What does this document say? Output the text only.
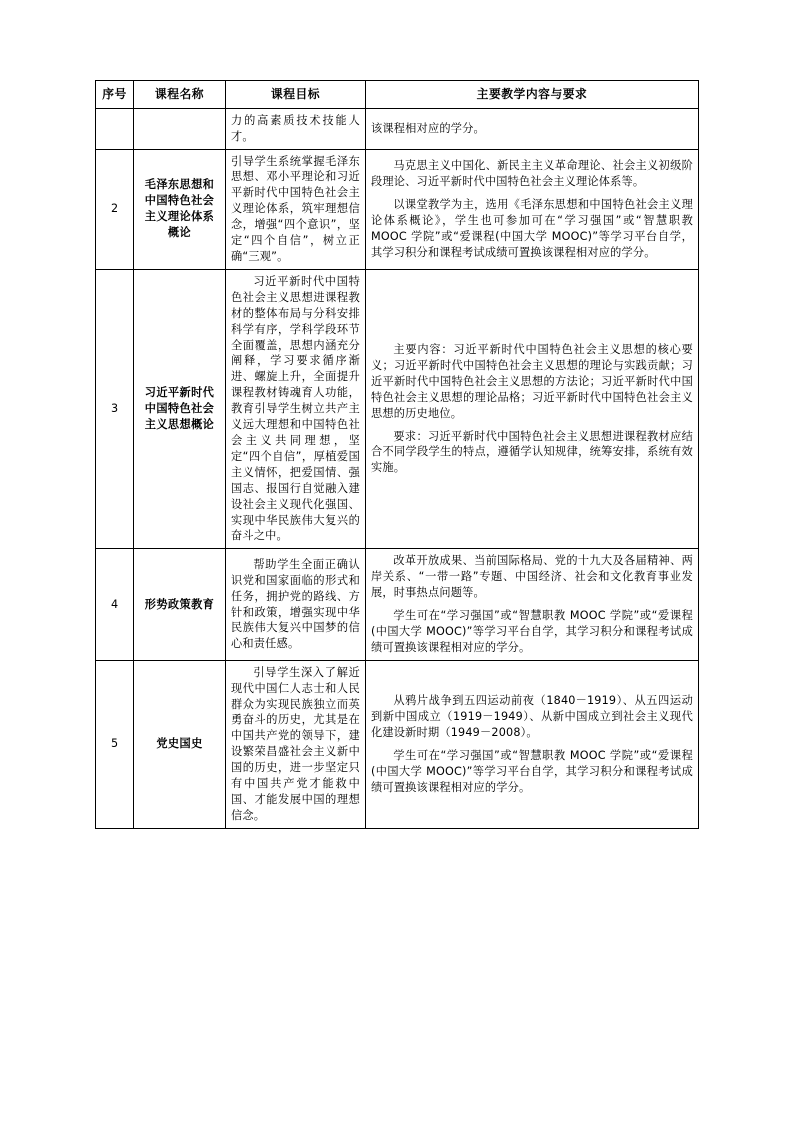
序号	课程名称	课程目标	主要教学内容与要求
		力的高素质技术技能人才。	该课程相对应的学分。
2	毛泽东思想和中国特色社会主义理论体系概论	引导学生系统掌握毛泽东思想、邓小平理论和习近平新时代中国特色社会主义理论体系，筑牢理想信念，增强“四个意识”，坚定“四个自信”，树立正确“三观”。	马克思主义中国化、新民主主义革命理论、社会主义初级阶段理论、习近平新时代中国特色社会主义理论体系等。

以课堂教学为主，选用《毛泽东思想和中国特色社会主义理论体系概论》，学生也可参加可在“学习强国”或“智慧职教 MOOC 学院”或“爱课程(中国大学 MOOC)”等学习平台自学，其学习积分和课程考试成绩可置换该课程相对应的学分。

3	习近平新时代中国特色社会主义思想概论	习近平新时代中国特色社会主义思想进课程教材的整体布局与分科安排科学有序，学科学段环节全面覆盖，思想内涵充分阐释，学习要求循序渐进、螺旋上升，全面提升课程教材铸魂育人功能，教育引导学生树立共产主义远大理想和中国特色社会主义共同理想，坚定“四个自信”，厚植爱国主义情怀，把爱国情、强国志、报国行自觉融入建设社会主义现代化强国、实现中华民族伟大复兴的奋斗之中。	主要内容：习近平新时代中国特色社会主义思想的核心要义；习近平新时代中国特色社会主义思想的理论与实践贡献；习近平新时代中国特色社会主义思想的方法论；习近平新时代中国特色社会主义思想的理论品格；习近平新时代中国特色社会主义思想的历史地位。

要求：习近平新时代中国特色社会主义思想进课程教材应结合不同学段学生的特点，遵循学认知规律，统筹安排，系统有效实施。

4	形势政策教育	帮助学生全面正确认识党和国家面临的形式和任务，拥护党的路线、方针和政策，增强实现中华民族伟大复兴中国梦的信心和责任感。	改革开放成果、当前国际格局、党的十九大及各届精神、两岸关系、“一带一路”专题、中国经济、社会和文化教育事业发展，时事热点问题等。

学生可在“学习强国”或“智慧职教 MOOC 学院”或“爱课程(中国大学 MOOC)”等学习平台自学，其学习积分和课程考试成绩可置换该课程相对应的学分。

5	党史国史	引导学生深入了解近现代中国仁人志士和人民群众为实现民族独立而英勇奋斗的历史，尤其是在中国共产党的领导下，建设繁荣昌盛社会主义新中国的历史，进一步坚定只有中国共产党才能救中国、才能发展中国的理想信念。	从鸦片战争到五四运动前夜（1840－1919）、从五四运动到新中国成立（1919－1949）、从新中国成立到社会主义现代化建设新时期（1949－2008）。

学生可在“学习强国”或“智慧职教 MOOC 学院”或“爱课程(中国大学 MOOC)”等学习平台自学，其学习积分和课程考试成绩可置换该课程相对应的学分。
